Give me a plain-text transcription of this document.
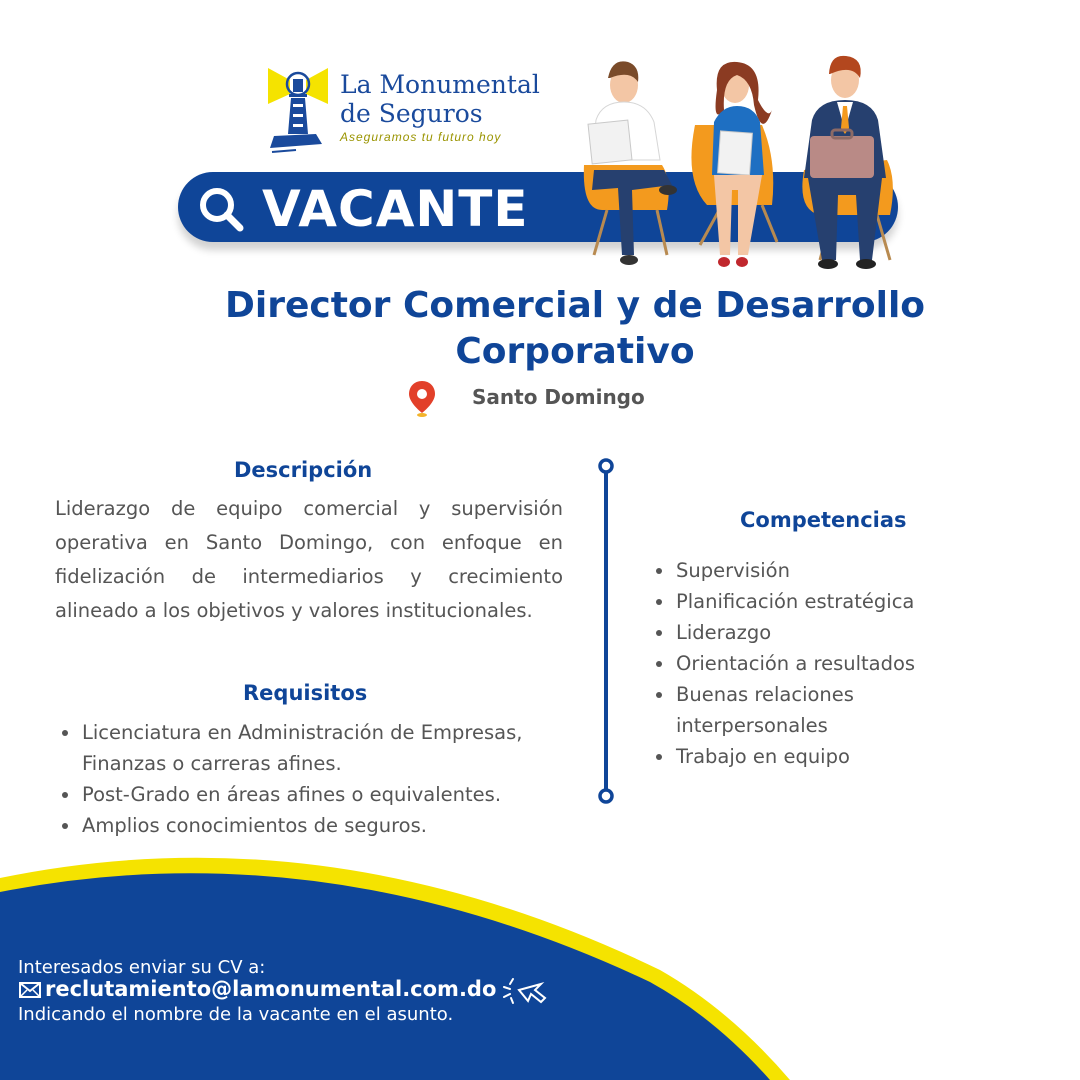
La Monumental
de Seguros
Aseguramos tu futuro hoy
VACANTE
Director Comercial y de Desarrollo Corporativo
Santo Domingo
Descripción
Liderazgo de equipo comercial y supervisión operativa en Santo Domingo, con enfoque en fidelización de intermediarios y crecimiento alineado a los objetivos y valores institucionales.
Requisitos
Licenciatura en Administración de Empresas, Finanzas o carreras afines.
Post-Grado en áreas afines o equivalentes.
Amplios conocimientos de seguros.
Competencias
Supervisión
Planificación estratégica
Liderazgo
Orientación a resultados
Buenas relaciones interpersonales
Trabajo en equipo
Interesados enviar su CV a:
reclutamiento@lamonumental.com.do
Indicando el nombre de la vacante en el asunto.
